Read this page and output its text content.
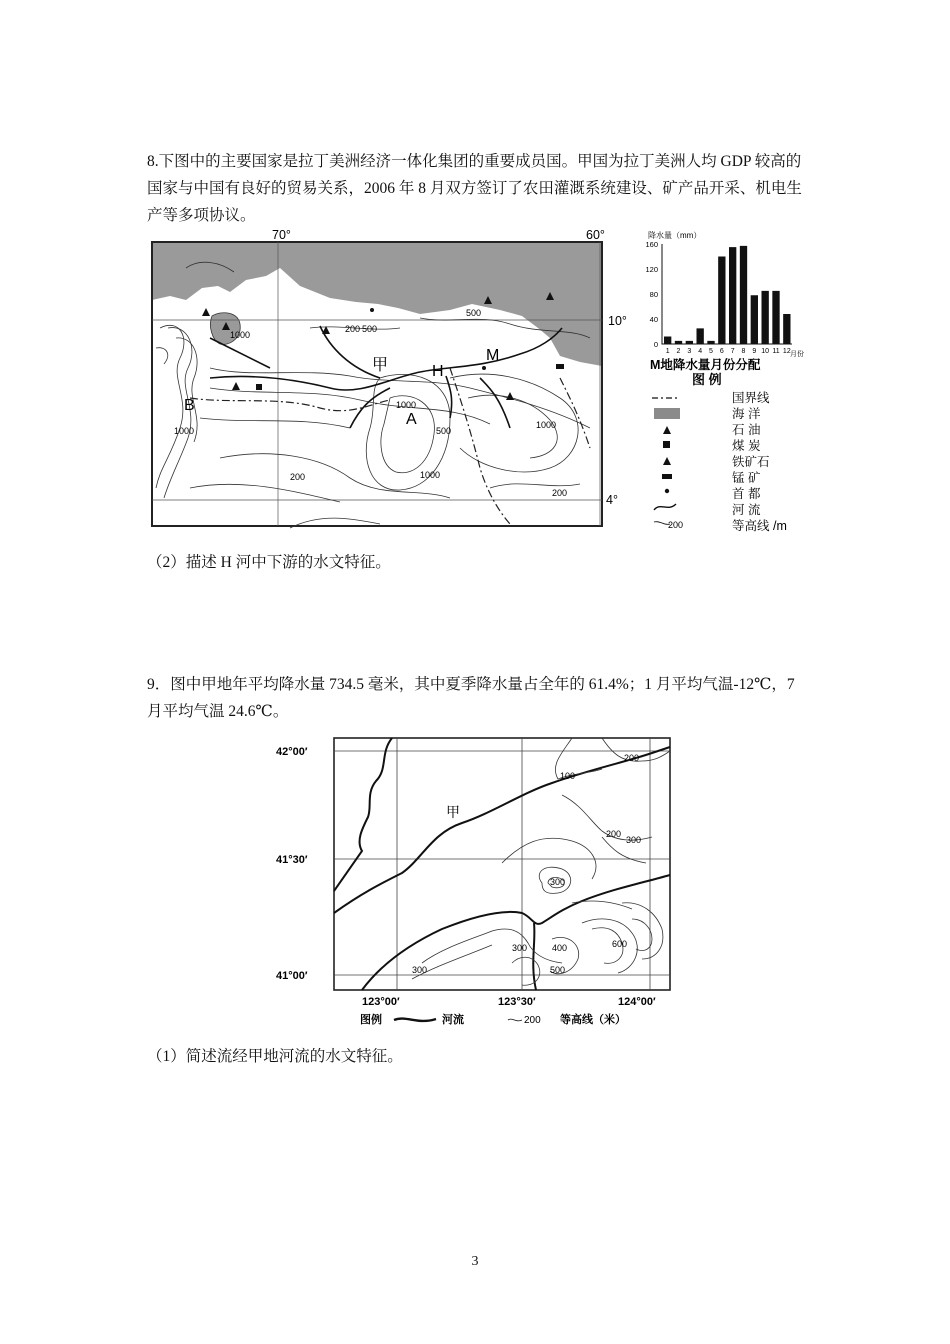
8.下图中的主要国家是拉丁美洲经济一体化集团的重要成员国。甲国为拉丁美洲人均 GDP 较高的国家与中国有良好的贸易关系，2006 年 8 月双方签订了农田灌溉系统建设、矿产品开采、机电生产等多项协议。

70°	60°
10°
4°
甲	H
M
A
B
200 500
1000
500
500
1000
1000
1000
200
200
1000
降水量（mm）
0
40
80
120
160
1 2 3 4 5 6 7 8 9 10 11 12 月份
M地降水量月份分配
图 例
200
国界线
海 洋
石 油
煤 炭
铁矿石
锰 矿
首 都
河 流
等高线 /m

（2）描述 H 河中下游的水文特征。

9．图中甲地年平均降水量 734.5 毫米，其中夏季降水量占全年的 61.4%；1 月平均气温-12℃，7 月平均气温 24.6℃。

42°00′
41°30′
41°00′
123°00′	123°30′	124°00′
甲
100
200
200
300
300
300
300
400
500
600
图例	河流	200 等高线（米）

（1）简述流经甲地河流的水文特征。

3
